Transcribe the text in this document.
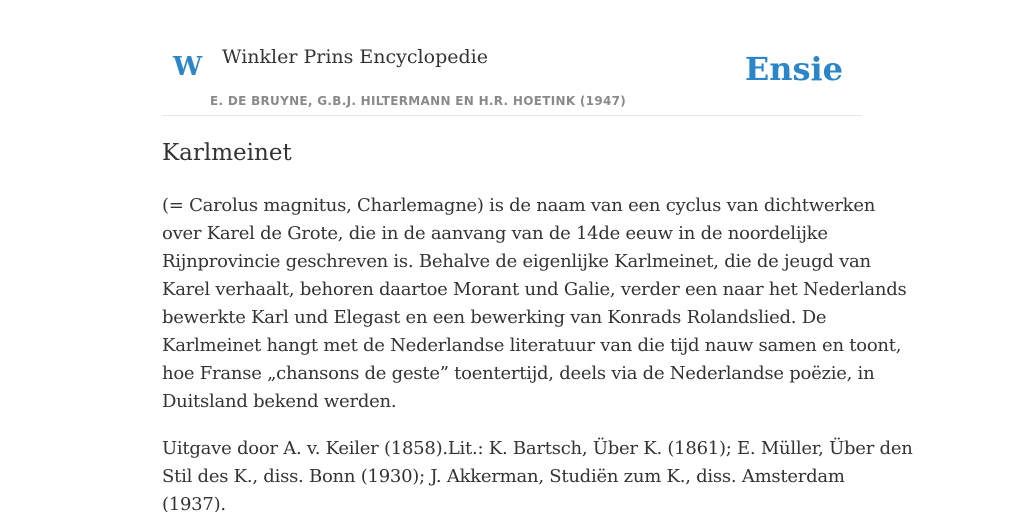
W Winkler Prins Encyclopedie
E. DE BRUYNE, G.B.J. HILTERMANN EN H.R. HOETINK (1947)
Ensie
Karlmeinet

(= Carolus magnitus, Charlemagne) is de naam van een cyclus van dichtwerken
over Karel de Grote, die in de aanvang van de 14de eeuw in de noordelijke
Rijnprovincie geschreven is. Behalve de eigenlijke Karlmeinet, die de jeugd van
Karel verhaalt, behoren daartoe Morant und Galie, verder een naar het Nederlands
bewerkte Karl und Elegast en een bewerking van Konrads Rolandslied. De
Karlmeinet hangt met de Nederlandse literatuur van die tijd nauw samen en toont,
hoe Franse „chansons de geste” toentertijd, deels via de Nederlandse poëzie, in
Duitsland bekend werden.

Uitgave door A. v. Keiler (1858).Lit.: K. Bartsch, Über K. (1861); E. Müller, Über den
Stil des K., diss. Bonn (1930); J. Akkerman, Studiën zum K., diss. Amsterdam
(1937).
